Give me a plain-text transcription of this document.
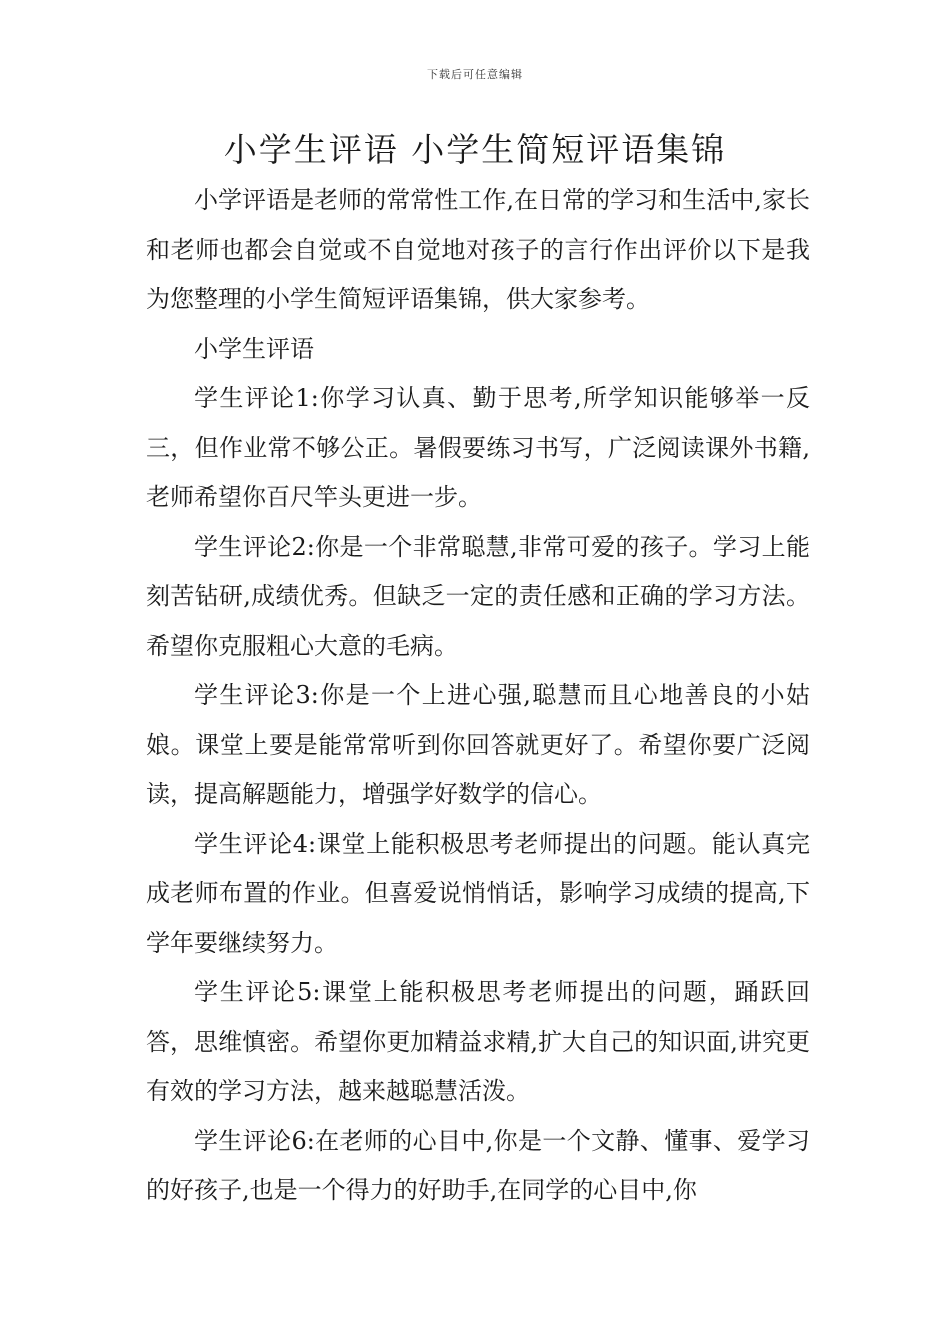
下载后可任意编辑
小学生评语 小学生简短评语集锦

小学评语是老师的常常性工作,在日常的学习和生活中,家长和老师也都会自觉或不自觉地对孩子的言行作出评价以下是我为您整理的小学生简短评语集锦，供大家参考。

小学生评语

学生评论1:你学习认真、勤于思考,所学知识能够举一反三，但作业常不够公正。暑假要练习书写，广泛阅读课外书籍,老师希望你百尺竿头更进一步。

学生评论2:你是一个非常聪慧,非常可爱的孩子。学习上能刻苦钻研,成绩优秀。但缺乏一定的责任感和正确的学习方法。希望你克服粗心大意的毛病。

学生评论3:你是一个上进心强,聪慧而且心地善良的小姑娘。课堂上要是能常常听到你回答就更好了。希望你要广泛阅读，提高解题能力，增强学好数学的信心。

学生评论4:课堂上能积极思考老师提出的问题。能认真完成老师布置的作业。但喜爱说悄悄话，影响学习成绩的提高,下学年要继续努力。

学生评论5:课堂上能积极思考老师提出的问题，踊跃回答，思维慎密。希望你更加精益求精,扩大自己的知识面,讲究更有效的学习方法，越来越聪慧活泼。

学生评论6:在老师的心目中,你是一个文静、懂事、爱学习的好孩子,也是一个得力的好助手,在同学的心目中,你
